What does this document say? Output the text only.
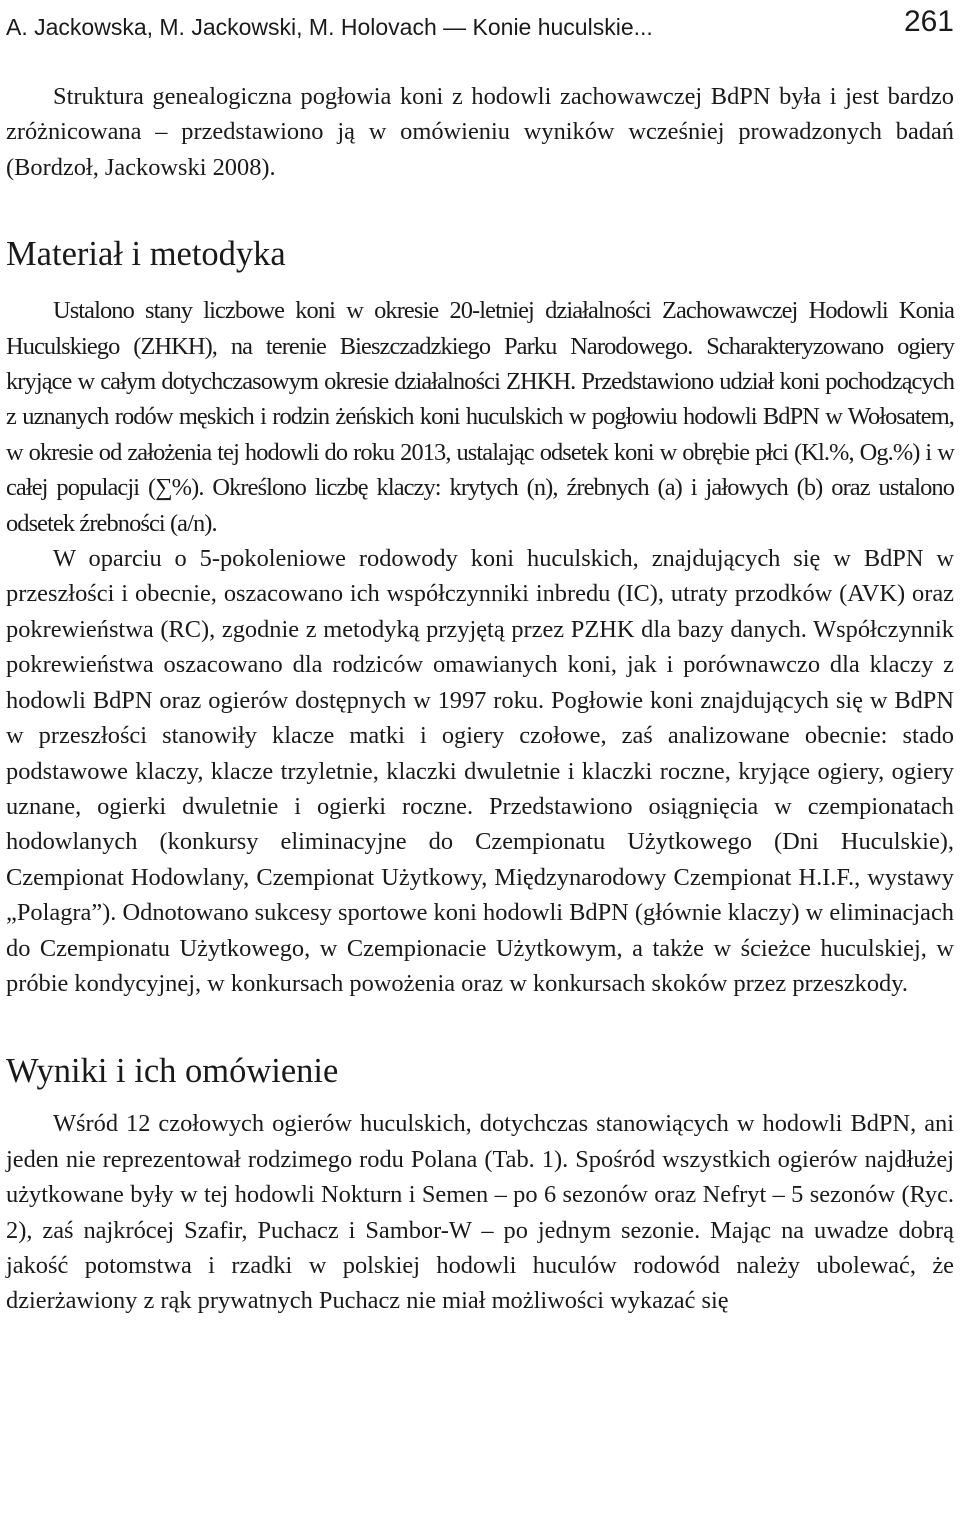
A. Jackowska, M. Jackowski, M. Holovach — Konie huculskie...	261

Struktura genealogiczna pogłowia koni z hodowli zachowawczej BdPN była i jest bardzo zróżnicowana – przedstawiono ją w omówieniu wyników wcześniej prowadzonych badań (Bordzoł, Jackowski 2008).

Materiał i metodyka

Ustalono stany liczbowe koni w okresie 20-letniej działalności Zachowawczej Hodowli Konia Huculskiego (ZHKH), na terenie Bieszczadzkiego Parku Narodowego. Scharakteryzowano ogiery kryjące w całym dotychczasowym okresie działalności ZHKH. Przedstawiono udział koni pochodzących z uznanych rodów męskich i rodzin żeńskich koni huculskich w pogłowiu hodowli BdPN w Wołosatem, w okresie od założenia tej hodowli do roku 2013, ustalając odsetek koni w obrębie płci (Kl.%, Og.%) i w całej populacji (∑%). Określono liczbę klaczy: krytych (n), źrebnych (a) i jałowych (b) oraz ustalono odsetek źrebności (a/n).

W oparciu o 5-pokoleniowe rodowody koni huculskich, znajdujących się w BdPN w przeszłości i obecnie, oszacowano ich współczynniki inbredu (IC), utraty przodków (AVK) oraz pokrewieństwa (RC), zgodnie z metodyką przyjętą przez PZHK dla bazy danych. Współczynnik pokrewieństwa oszacowano dla rodziców omawianych koni, jak i porównawczo dla klaczy z hodowli BdPN oraz ogierów dostępnych w 1997 roku. Pogłowie koni znajdujących się w BdPN w przeszłości stanowiły klacze matki i ogiery czołowe, zaś analizowane obecnie: stado podstawowe klaczy, klacze trzyletnie, klaczki dwuletnie i klaczki roczne, kryjące ogiery, ogiery uznane, ogierki dwuletnie i ogierki roczne. Przedstawiono osiągnięcia w czempionatach hodowlanych (konkursy eliminacyjne do Czempionatu Użytkowego (Dni Huculskie), Czempionat Hodowlany, Czempionat Użytkowy, Międzynarodowy Czempionat H.I.F., wystawy „Polagra”). Odnotowano sukcesy sportowe koni hodowli BdPN (głównie klaczy) w eliminacjach do Czempionatu Użytkowego, w Czempionacie Użytkowym, a także w ścieżce huculskiej, w próbie kondycyjnej, w konkursach powożenia oraz w konkursach skoków przez przeszkody.

Wyniki i ich omówienie

Wśród 12 czołowych ogierów huculskich, dotychczas stanowiących w hodowli BdPN, ani jeden nie reprezentował rodzimego rodu Polana (Tab. 1). Spośród wszystkich ogierów najdłużej użytkowane były w tej hodowli Nokturn i Semen – po 6 sezonów oraz Nefryt – 5 sezonów (Ryc. 2), zaś najkrócej Szafir, Puchacz i Sambor-W – po jednym sezonie. Mając na uwadze dobrą jakość potomstwa i rzadki w polskiej hodowli huculów rodowód należy ubolewać, że dzierżawiony z rąk prywatnych Puchacz nie miał możliwości wykazać się
